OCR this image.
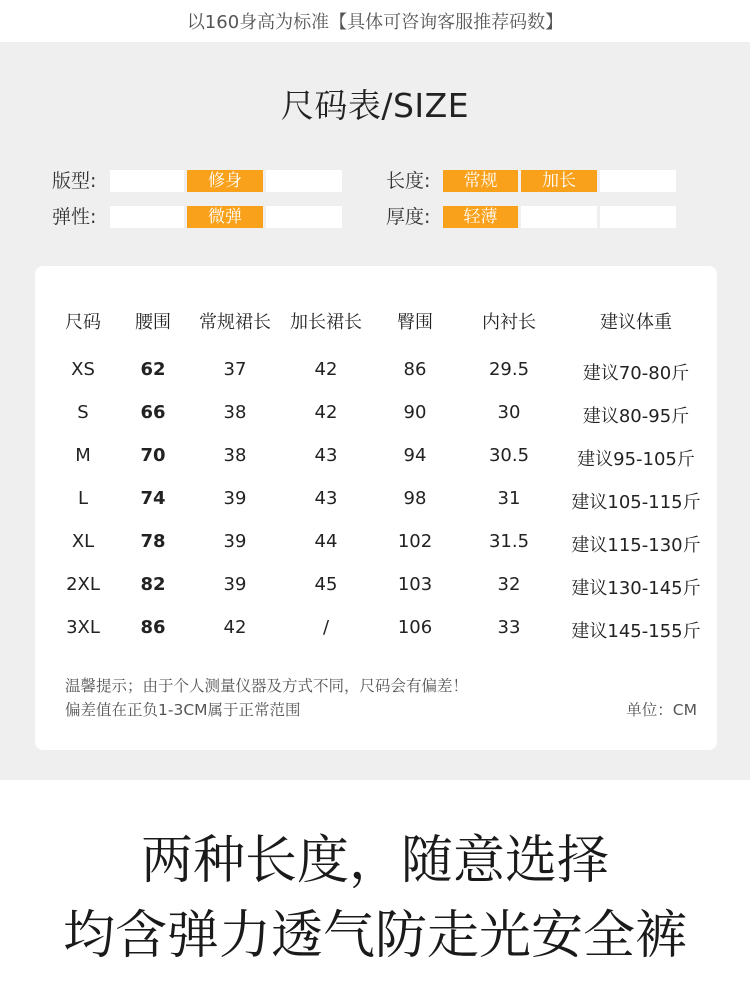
以160身高为标准【具体可咨询客服推荐码数】
尺码表/SIZE
版型:	修身
弹性:	微弹
长度:	常规	加长
厚度:	轻薄
尺码 腰围 常规裙长 加长裙长 臀围	内衬长	建议体重
XS	62	37	42	86	29.5	建议70-80斤
S	66	38	42	90	30	建议80-95斤
M	70	38	43	94	30.5	建议95-105斤
L	74	39	43	98	31	建议105-115斤
XL	78	39	44	102	31.5 建议115-130斤
2XL 82	39	45	103	32	建议130-145斤
3XL 86	42	/	106	33	建议145-155斤
温馨提示；由于个人测量仪器及方式不同，尺码会有偏差！
偏差值在正负1-3CM属于正常范围	单位：CM
两种长度，随意选择
均含弹力透气防走光安全裤
